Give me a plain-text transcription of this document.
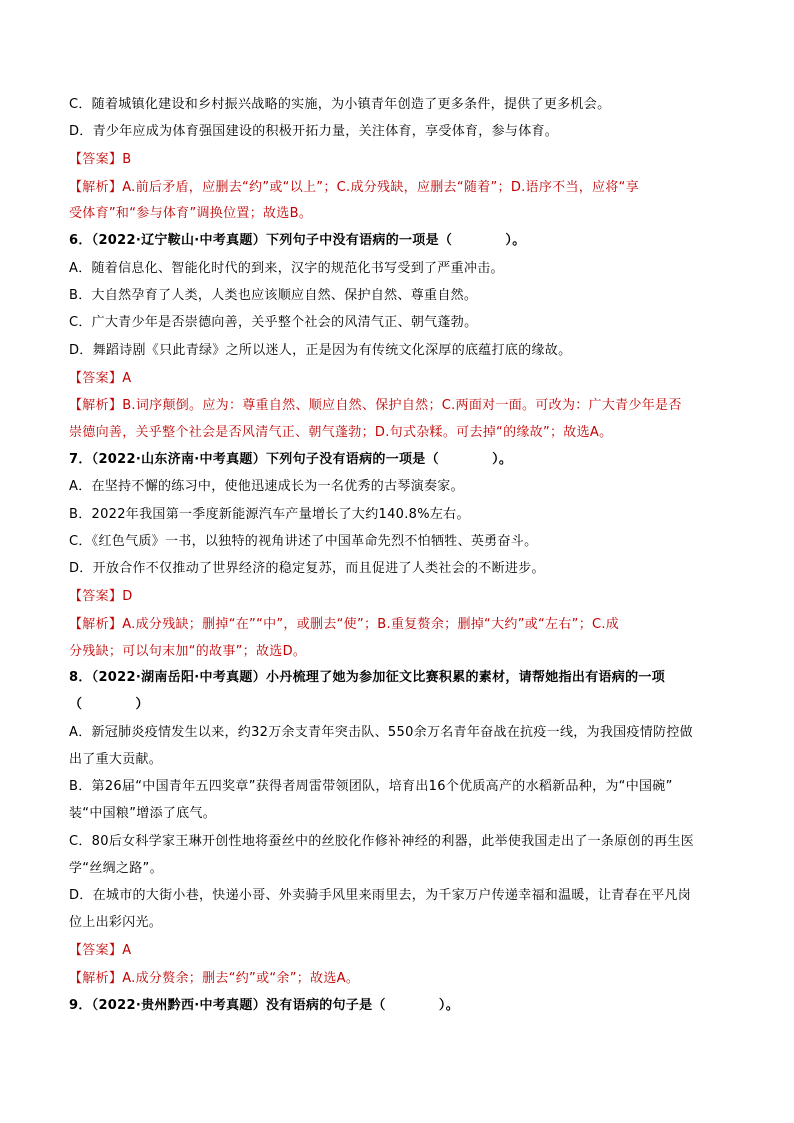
C．随着城镇化建设和乡村振兴战略的实施，为小镇青年创造了更多条件，提供了更多机会。
D．青少年应成为体育强国建设的积极开拓力量，关注体育，享受体育，参与体育。
【答案】B
【解析】A.前后矛盾，应删去“约”或“以上”；C.成分残缺，应删去“随着”；D.语序不当，应将“享
受体育”和“参与体育”调换位置；故选B。
6．（2022·辽宁鞍山·中考真题）下列句子中没有语病的一项是（　　　　）。
A．随着信息化、智能化时代的到来，汉字的规范化书写受到了严重冲击。
B．大自然孕育了人类，人类也应该顺应自然、保护自然、尊重自然。
C．广大青少年是否崇德向善，关乎整个社会的风清气正、朝气蓬勃。
D．舞蹈诗剧《只此青绿》之所以迷人，正是因为有传统文化深厚的底蕴打底的缘故。
【答案】A
【解析】B.词序颠倒。应为：尊重自然、顺应自然、保护自然；C.两面对一面。可改为：广大青少年是否
崇德向善，关乎整个社会是否风清气正、朝气蓬勃；D.句式杂糅。可去掉“的缘故”；故选A。
7．（2022·山东济南·中考真题）下列句子没有语病的一项是（　　　　）。
A．在坚持不懈的练习中，使他迅速成长为一名优秀的古琴演奏家。
B．2022年我国第一季度新能源汽车产量增长了大约140.8%左右。
C．《红色气质》一书，以独特的视角讲述了中国革命先烈不怕牺牲、英勇奋斗。
D．开放合作不仅推动了世界经济的稳定复苏，而且促进了人类社会的不断进步。
【答案】D
【解析】A.成分残缺；删掉“在”“中”，或删去“使”；B.重复赘余；删掉“大约”或“左右”；C.成
分残缺；可以句末加“的故事”；故选D。
8．（2022·湖南岳阳·中考真题）小丹梳理了她为参加征文比赛积累的素材，请帮她指出有语病的一项
（　　　　）
A．新冠肺炎疫情发生以来，约32万余支青年突击队、550余万名青年奋战在抗疫一线，为我国疫情防控做
出了重大贡献。
B．第26届“中国青年五四奖章”获得者周雷带领团队，培育出16个优质高产的水稻新品种，为“中国碗”
装“中国粮”增添了底气。
C．80后女科学家王琳开创性地将蚕丝中的丝胶化作修补神经的利器，此举使我国走出了一条原创的再生医
学“丝绸之路”。
D．在城市的大街小巷，快递小哥、外卖骑手风里来雨里去，为千家万户传递幸福和温暖，让青春在平凡岗
位上出彩闪光。
【答案】A
【解析】A.成分赘余；删去“约”或“余”；故选A。
9．（2022·贵州黔西·中考真题）没有语病的句子是（　　　　）。
